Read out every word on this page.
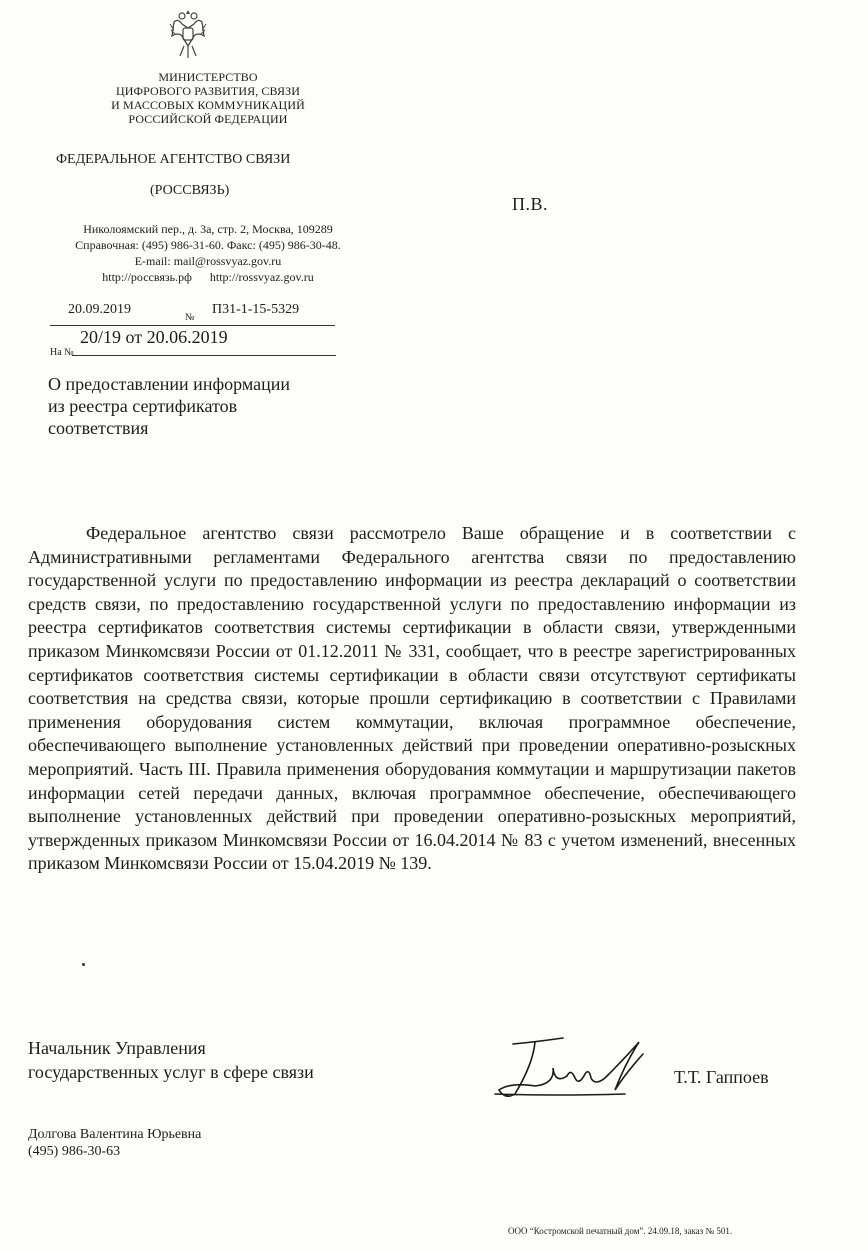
МИНИСТЕРСТВО
ЦИФРОВОГО РАЗВИТИЯ, СВЯЗИ
И МАССОВЫХ КОММУНИКАЦИЙ
РОССИЙСКОЙ ФЕДЕРАЦИИ
ФЕДЕРАЛЬНОЕ АГЕНТСТВО СВЯЗИ
(РОССВЯЗЬ)
Николоямский пер., д. 3а, стр. 2, Москва, 109289
Справочная: (495) 986-31-60. Факс: (495) 986-30-48.
E-mail: mail@rossvyaz.gov.ru
http://россвязь.рф      http://rossvyaz.gov.ru
П.В.
20.09.2019
№
П31-1-15-5329
20/19 от 20.06.2019
На №
О предоставлении информации
из реестра сертификатов
соответствия
Федеральное агентство связи рассмотрело Ваше обращение и в соответствии с Административными регламентами Федерального агентства связи по предоставлению государственной услуги по предоставлению информации из реестра деклараций о соответствии средств связи, по предоставлению государственной услуги по предоставлению информации из реестра сертификатов соответствия системы сертификации в области связи, утвержденными приказом Минкомсвязи России от 01.12.2011 № 331, сообщает, что в реестре зарегистрированных сертификатов соответствия системы сертификации в области связи отсутствуют сертификаты соответствия на средства связи, которые прошли сертификацию в соответствии с Правилами применения оборудования систем коммутации, включая программное обеспечение, обеспечивающего выполнение установленных действий при проведении оперативно-розыскных мероприятий. Часть III. Правила применения оборудования коммутации и маршрутизации пакетов информации сетей передачи данных, включая программное обеспечение, обеспечивающего выполнение установленных действий при проведении оперативно-розыскных мероприятий, утвержденных приказом Минкомсвязи России от 16.04.2014 № 83 с учетом изменений, внесенных приказом Минкомсвязи России от 15.04.2019 № 139.
Начальник Управления
государственных услуг в сфере связи	Т.Т. Гаппоев
Долгова Валентина Юрьевна
(495) 986-30-63
ООО “Костромской печатный дом”. 24.09.18, заказ № 501.
